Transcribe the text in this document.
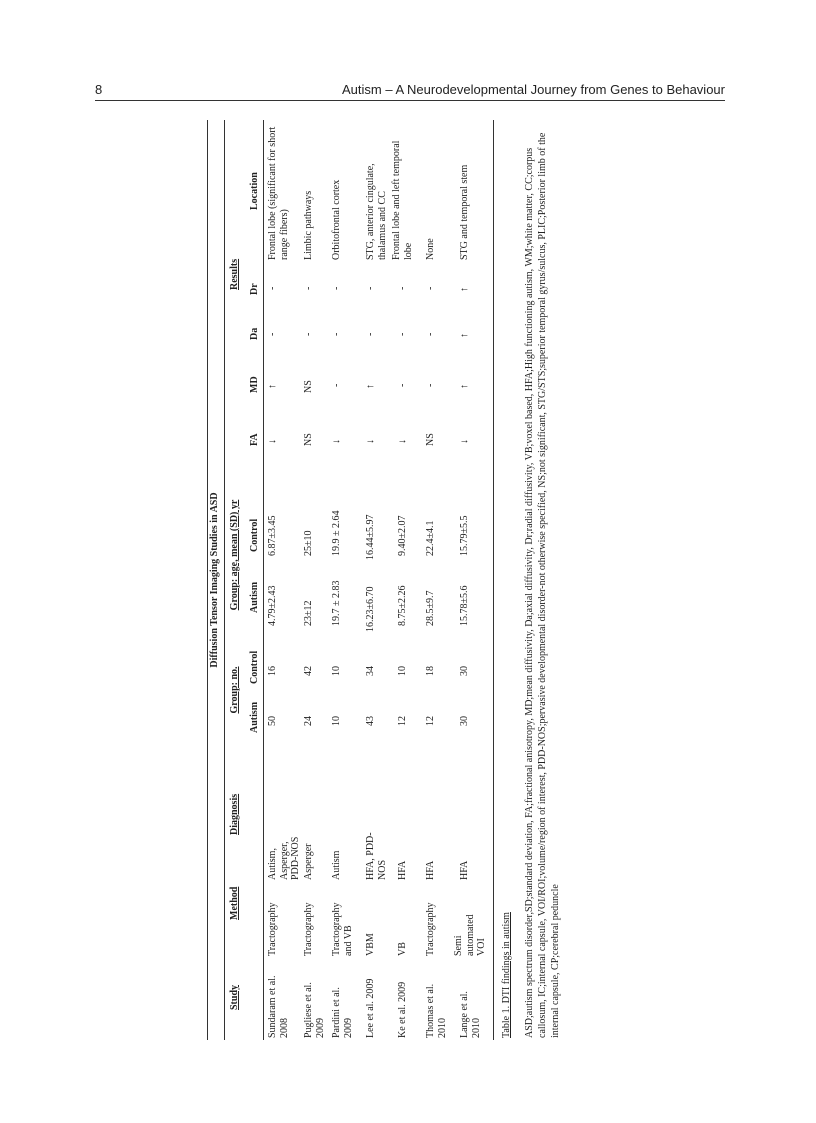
8	Autism – A Neurodevelopmental Journey from Genes to Behaviour
Diffusion Tensor Imaging Studies in ASD
Study
Method
Diagnosis
Group: no.
Group: age, mean (SD) yr
Results
Autism
Control
Autism
Control
FA
MD
Da
Dr
Location
Sundaram et al. 2008
Tractography
Autism, Asperger, PDD-NOS
50
16
4.79±2.43
6.87±3.45
↓
↑
-
-
Frontal lobe (significant for short range fibers)
Pugliese et al. 2009
Tractography
Asperger
24
42
23±12
25±10
NS
NS
-
-
Limbic pathways
Pardini et al. 2009
Tractography and VB
Autism
10
10
19.7 ± 2.83
19.9 ± 2.64
↓
-
-
-
Orbitofrontal cortex
Lee et al. 2009
VBM
HFA, PDD-NOS
43
34
16.23±6.70
16.44±5.97
↓
↑
-
-
STG, anterior cingulate, thalamus and CC
Ke et al. 2009
VB
HFA
12
10
8.75±2.26
9.40±2.07
↓
-
-
-
Frontal lobe and left temporal lobe
Thomas et al. 2010
Tractography
HFA
12
18
28.5±9.7
22.4±4.1
NS
-
-
-
None
Lange et al. 2010
Semi automated VOI
HFA
30
30
15.78±5.6
15.79±5.5
↓
↑
↑
↑
STG and temporal stem
Table 1. DTI findings in autism ASD;autism spectrum disorder,SD;standard deviation, FA;fractional anisotropy, MD;mean diffusivity, Da;axial diffusivity, Dr;radial diffusivity, VB;voxel based, HFA;High functioning autism, WM;white matter, CC;corpus callosum, IC;internal capsule, VOI/ROI;volume/region of interest, PDD-NOS;pervasive developmental disorder-not otherwise specified, NS;not significant, STG/STS;superior temporal gyrus/sulcus, PLIC;Posterior limb of the internal capsule, CP;cerebral peduncle
